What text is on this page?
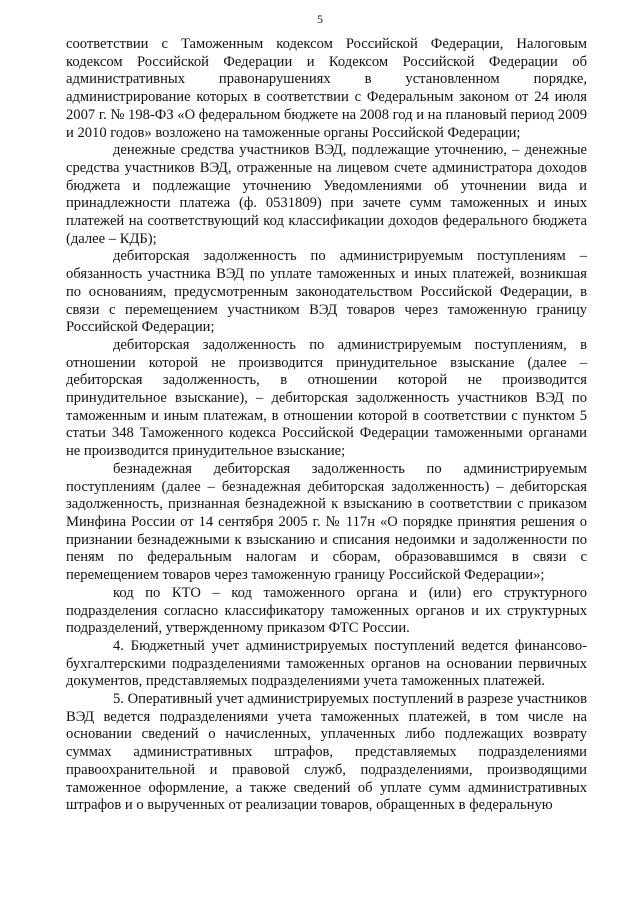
5

соответствии с Таможенным кодексом Российской Федерации, Налоговым кодексом Российской Федерации и Кодексом Российской Федерации об административных правонарушениях в установленном порядке, администрирование которых в соответствии с Федеральным законом от 24 июля 2007 г. № 198-ФЗ «О федеральном бюджете на 2008 год и на плановый период 2009 и 2010 годов» возложено на таможенные органы Российской Федерации;

денежные средства участников ВЭД, подлежащие уточнению, – денежные средства участников ВЭД, отраженные на лицевом счете администратора доходов бюджета и подлежащие уточнению Уведомлениями об уточнении вида и принадлежности платежа (ф. 0531809) при зачете сумм таможенных и иных платежей на соответствующий код классификации доходов федерального бюджета (далее – КДБ);

дебиторская задолженность по администрируемым поступлениям – обязанность участника ВЭД по уплате таможенных и иных платежей, возникшая по основаниям, предусмотренным законодательством Российской Федерации, в связи с перемещением участником ВЭД товаров через таможенную границу Российской Федерации;

дебиторская задолженность по администрируемым поступлениям, в отношении которой не производится принудительное взыскание (далее – дебиторская задолженность, в отношении которой не производится принудительное взыскание), – дебиторская задолженность участников ВЭД по таможенным и иным платежам, в отношении которой в соответствии с пунктом 5 статьи 348 Таможенного кодекса Российской Федерации таможенными органами не производится принудительное взыскание;

безнадежная дебиторская задолженность по администрируемым поступлениям (далее – безнадежная дебиторская задолженность) – дебиторская задолженность, признанная безнадежной к взысканию в соответствии с приказом Минфина России от 14 сентября 2005 г. № 117н «О порядке принятия решения о признании безнадежными к взысканию и списания недоимки и задолженности по пеням по федеральным налогам и сборам, образовавшимся в связи с перемещением товаров через таможенную границу Российской Федерации»;

код по КТО – код таможенного органа и (или) его структурного подразделения согласно классификатору таможенных органов и их структурных подразделений, утвержденному приказом ФТС России.

4. Бюджетный учет администрируемых поступлений ведется финансово-бухгалтерскими подразделениями таможенных органов на основании первичных документов, представляемых подразделениями учета таможенных платежей.

5. Оперативный учет администрируемых поступлений в разрезе участников ВЭД ведется подразделениями учета таможенных платежей, в том числе на основании сведений о начисленных, уплаченных либо подлежащих возврату суммах административных штрафов, представляемых подразделениями правоохранительной и правовой служб, подразделениями, производящими таможенное оформление, а также сведений об уплате сумм административных штрафов и о вырученных от реализации товаров, обращенных в федеральную
